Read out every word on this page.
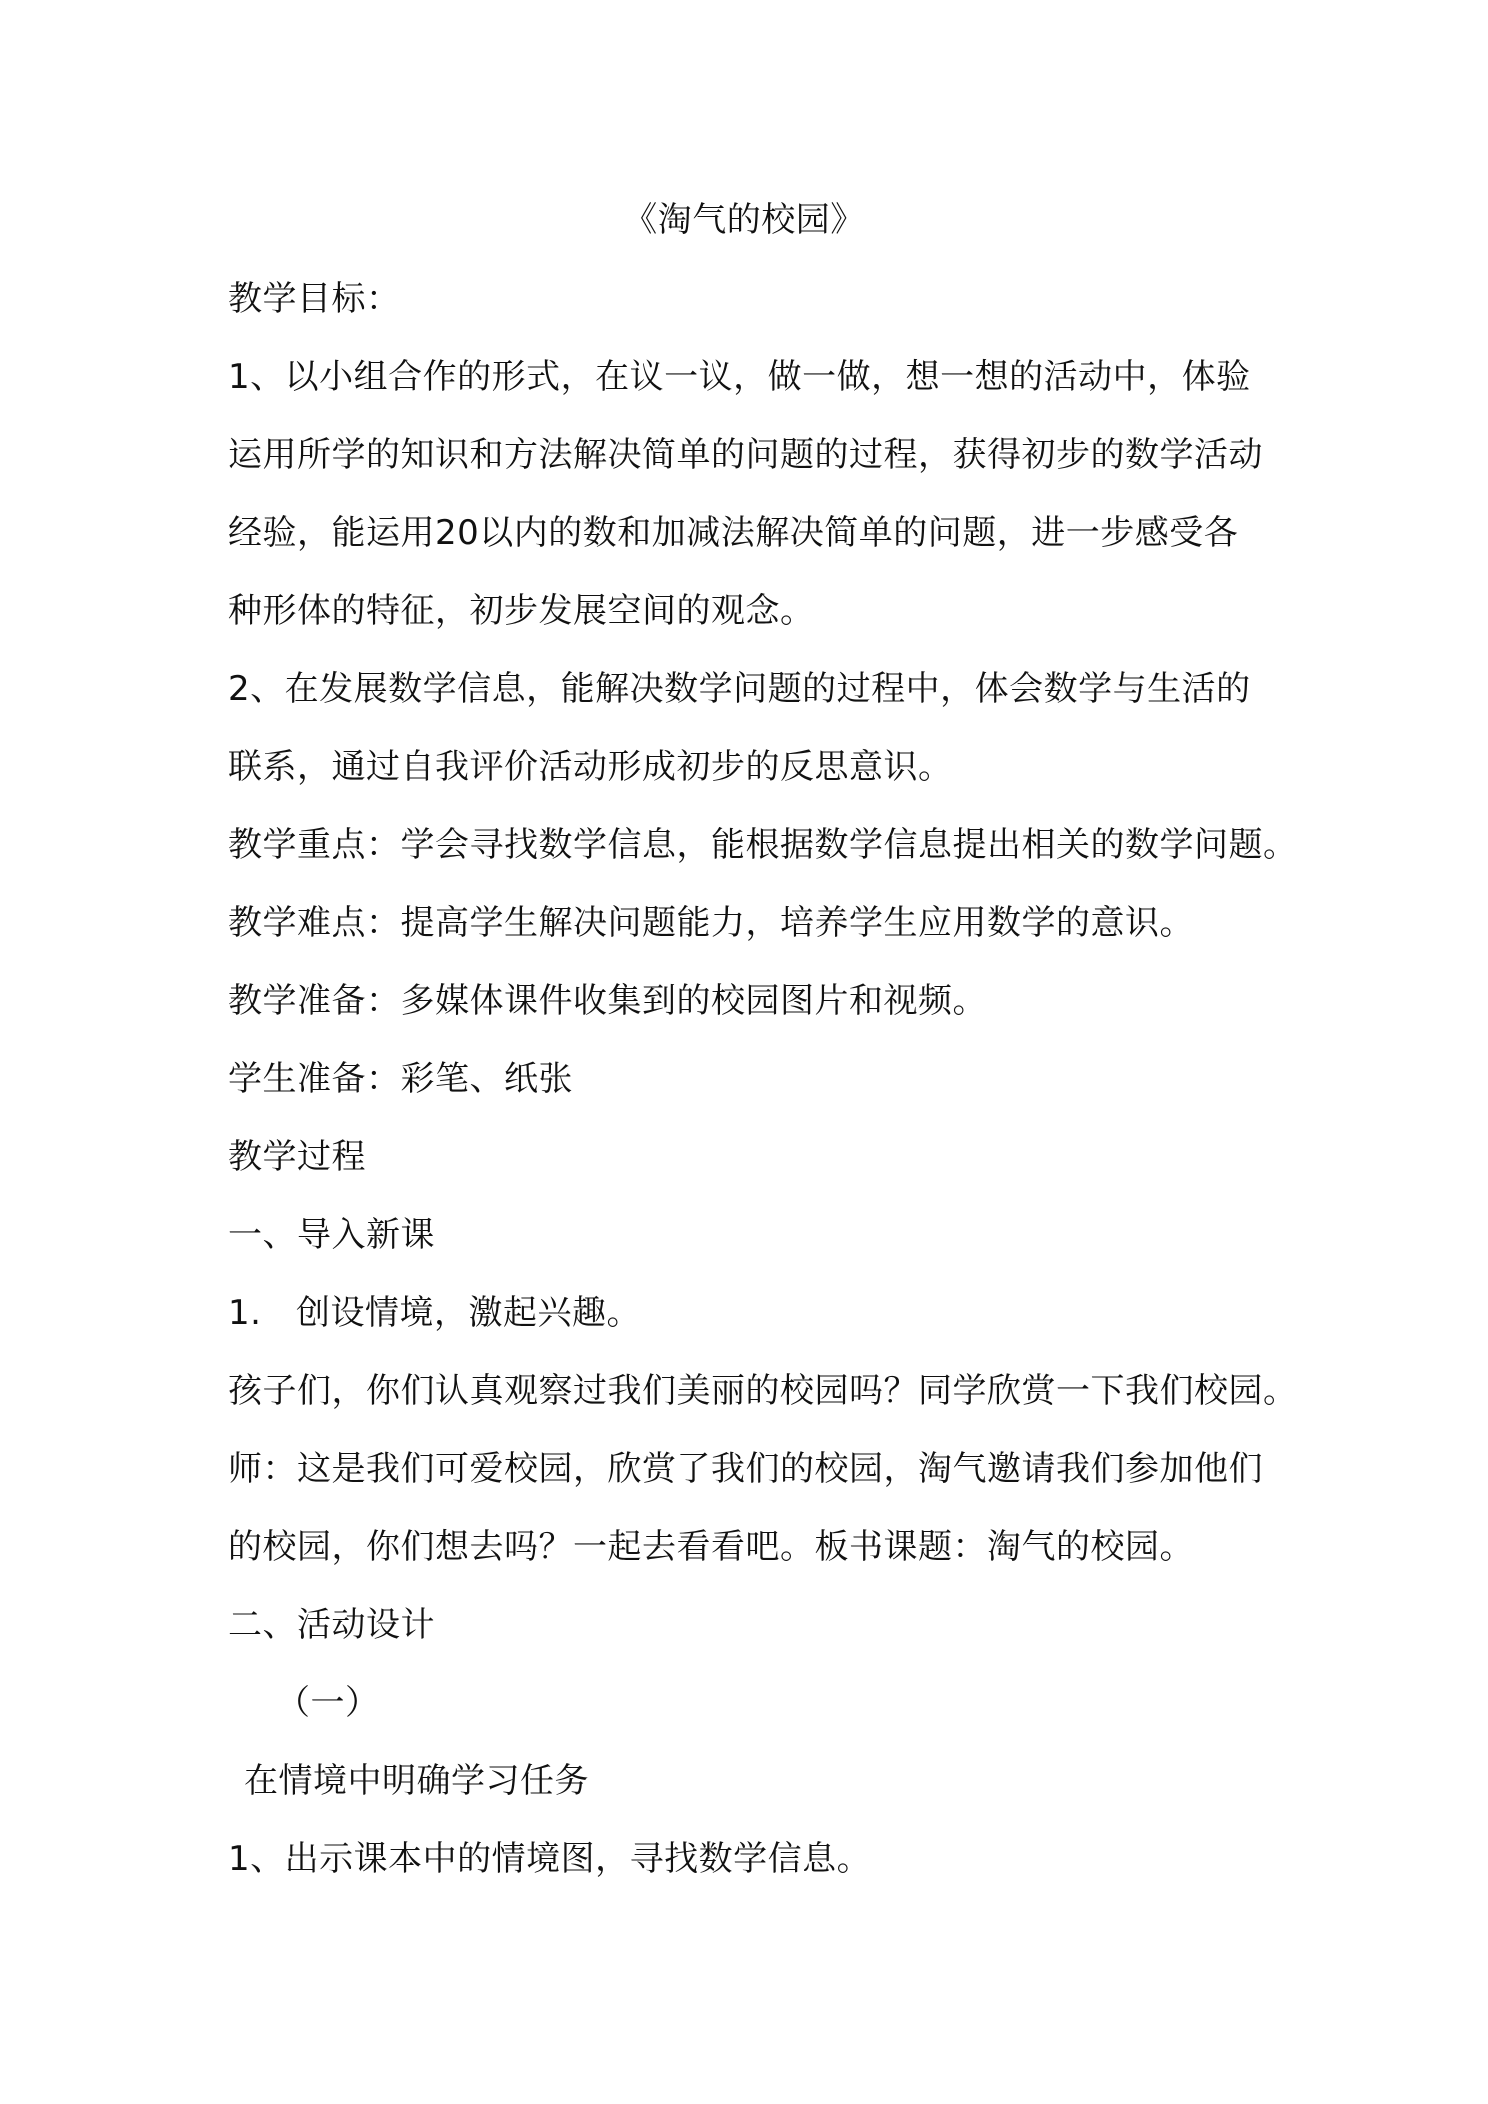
《淘气的校园》
教学目标：
1、以小组合作的形式，在议一议，做一做，想一想的活动中，体验
运用所学的知识和方法解决简单的问题的过程，获得初步的数学活动
经验，能运用20以内的数和加减法解决简单的问题，进一步感受各
种形体的特征，初步发展空间的观念。
2、在发展数学信息，能解决数学问题的过程中，体会数学与生活的
联系，通过自我评价活动形成初步的反思意识。
教学重点：学会寻找数学信息，能根据数学信息提出相关的数学问题。
教学难点：提高学生解决问题能力，培养学生应用数学的意识。
教学准备：多媒体课件收集到的校园图片和视频。
学生准备：彩笔、纸张
教学过程
一、导入新课
1.　创设情境，激起兴趣。
孩子们，你们认真观察过我们美丽的校园吗？同学欣赏一下我们校园。
师：这是我们可爱校园，欣赏了我们的校园，淘气邀请我们参加他们
的校园，你们想去吗？一起去看看吧。板书课题：淘气的校园。
二、活动设计
（一）
在情境中明确学习任务
1、出示课本中的情境图，寻找数学信息。
